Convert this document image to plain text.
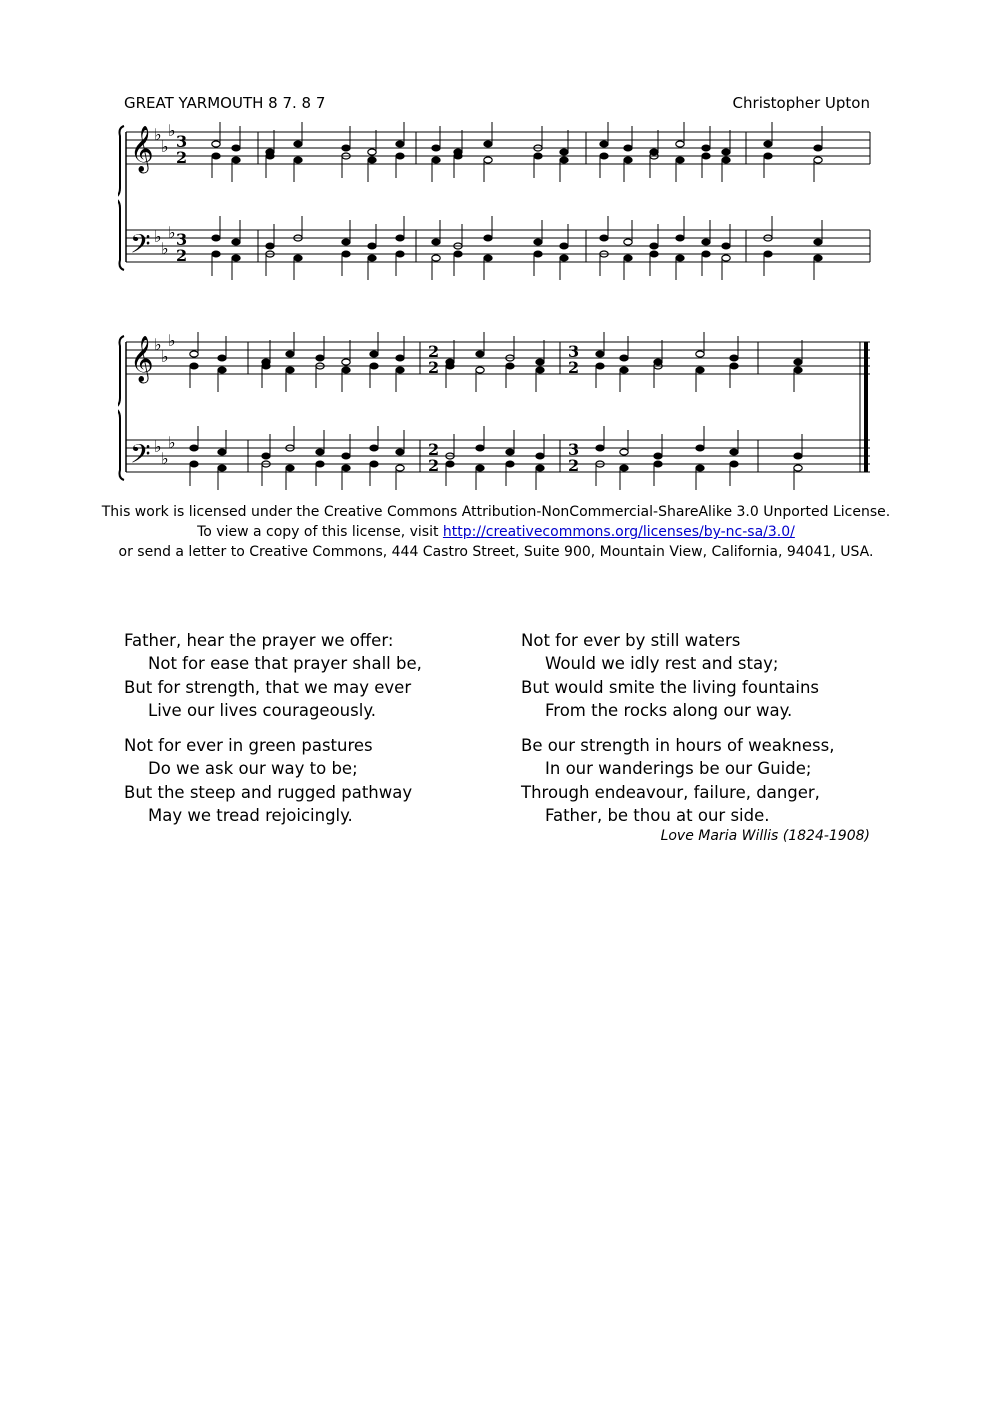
GREAT YARMOUTH 8 7. 8 7	Christopher Upton
𝄞
𝄢
3
2
3
2
♭
♭
♭
♭
♭
♭
𝄞
𝄢
♭
♭
♭
♭
♭
♭
2
2
2
2
3
2
3
2
This work is licensed under the Creative Commons Attribution-NonCommercial-ShareAlike 3.0 Unported License.
To view a copy of this license, visit http://creativecommons.org/licenses/by-nc-sa/3.0/
or send a letter to Creative Commons, 444 Castro Street, Suite 900, Mountain View, California, 94041, USA.
Father, hear the prayer we offer:
Not for ease that prayer shall be,
But for strength, that we may ever
Live our lives courageously.
Not for ever in green pastures
Do we ask our way to be;
But the steep and rugged pathway
May we tread rejoicingly.
Not for ever by still waters
Would we idly rest and stay;
But would smite the living fountains
From the rocks along our way.
Be our strength in hours of weakness,
In our wanderings be our Guide;
Through endeavour, failure, danger,
Father, be thou at our side.
Love Maria Willis (1824-1908)
